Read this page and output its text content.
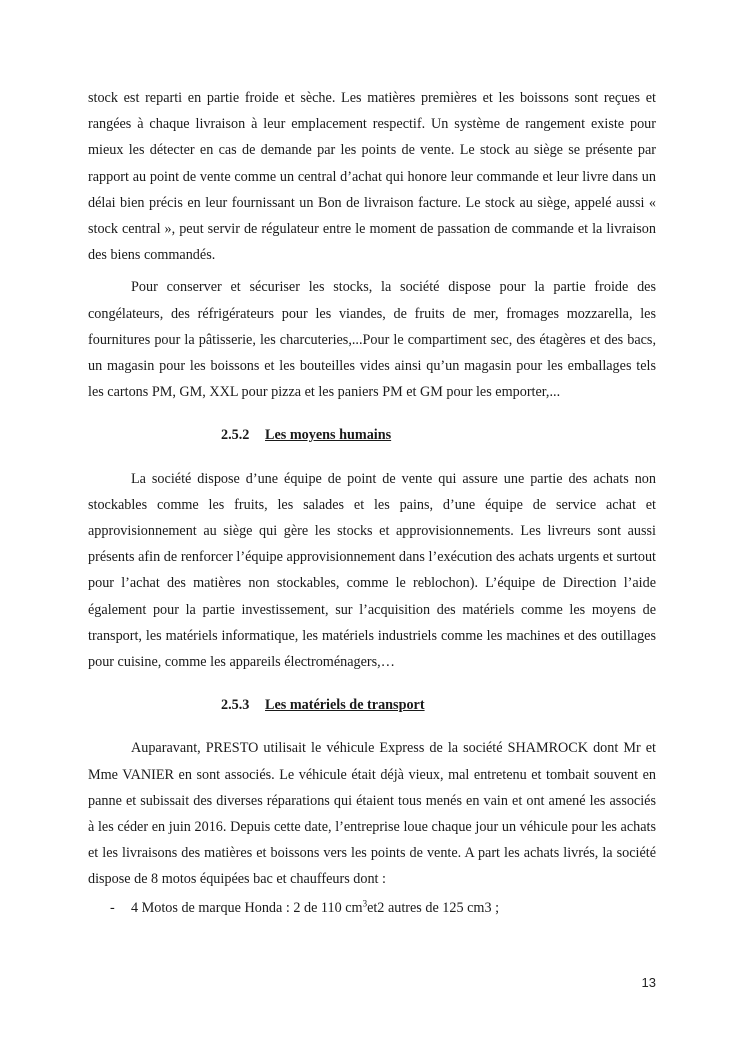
stock est reparti en partie froide et sèche. Les matières premières et les boissons sont reçues et rangées à chaque livraison à leur emplacement respectif. Un système de rangement existe pour mieux les détecter en cas de demande par les points de vente. Le stock au siège se présente par rapport au point de vente comme un central d’achat qui honore leur commande et leur livre dans un délai bien précis en leur fournissant un Bon de livraison facture. Le stock au siège, appelé aussi « stock central », peut servir de régulateur entre le moment de passation de commande et la livraison des biens commandés.

Pour conserver et sécuriser les stocks, la société dispose pour la partie froide des congélateurs, des réfrigérateurs pour les viandes, de fruits de mer, fromages mozzarella, les fournitures pour la pâtisserie, les charcuteries,...Pour le compartiment sec, des étagères et des bacs, un magasin pour les boissons et les bouteilles vides ainsi qu’un magasin pour les emballages tels les cartons PM, GM, XXL pour pizza et les paniers PM et GM pour les emporter,...

2.5.2 Les moyens humains

La société dispose d’une équipe de point de vente qui assure une partie des achats non stockables comme les fruits, les salades et les pains, d’une équipe de service achat et approvisionnement au siège qui gère les stocks et approvisionnements. Les livreurs sont aussi présents afin de renforcer l’équipe approvisionnement dans l’exécution des achats urgents et surtout pour l’achat des matières non stockables, comme le reblochon). L’équipe de Direction l’aide également pour la partie investissement, sur l’acquisition des matériels comme les moyens de transport, les matériels informatique, les matériels industriels comme les machines et des outillages pour cuisine, comme les appareils électroménagers,…

2.5.3 Les matériels de transport

Auparavant, PRESTO utilisait le véhicule Express de la société SHAMROCK dont Mr et Mme VANIER en sont associés. Le véhicule était déjà vieux, mal entretenu et tombait souvent en panne et subissait des diverses réparations qui étaient tous menés en vain et ont amené les associés à les céder en juin 2016. Depuis cette date, l’entreprise loue chaque jour un véhicule pour les achats et les livraisons des matières et boissons vers les points de vente. A part les achats livrés, la société dispose de 8 motos équipées bac et chauffeurs dont :

- 4 Motos de marque Honda : 2 de 110 $cm^3et2$ autres de 125 cm3 ;
13
